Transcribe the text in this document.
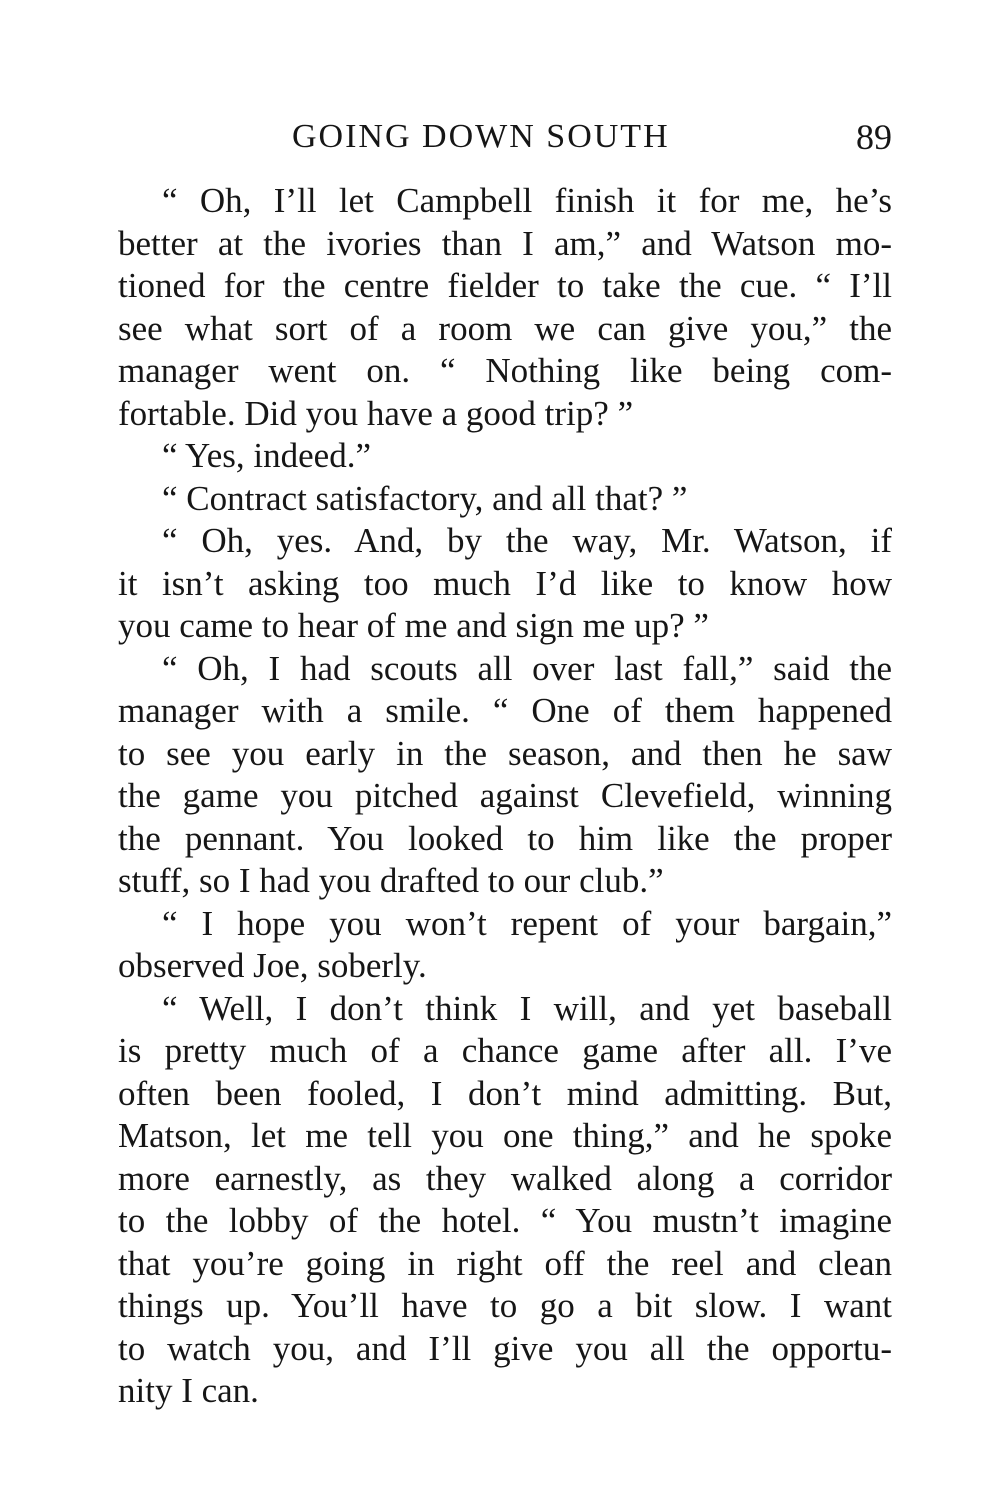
GOING DOWN SOUTH	89
“ Oh, I’ll let Campbell finish it for me, he’s
better at the ivories than I am,” and Watson mo-
tioned for the centre fielder to take the cue. “ I’ll
see what sort of a room we can give you,” the
manager went on. “ Nothing like being com-
fortable. Did you have a good trip? ”
“ Yes, indeed.”
“ Contract satisfactory, and all that? ”
“ Oh, yes. And, by the way, Mr. Watson, if
it isn’t asking too much I’d like to know how
you came to hear of me and sign me up? ”
“ Oh, I had scouts all over last fall,” said the
manager with a smile. “ One of them happened
to see you early in the season, and then he saw
the game you pitched against Clevefield, winning
the pennant. You looked to him like the proper
stuff, so I had you drafted to our club.”
“ I hope you won’t repent of your bargain,”
observed Joe, soberly.
“ Well, I don’t think I will, and yet baseball
is pretty much of a chance game after all. I’ve
often been fooled, I don’t mind admitting. But,
Matson, let me tell you one thing,” and he spoke
more earnestly, as they walked along a corridor
to the lobby of the hotel. “ You mustn’t imagine
that you’re going in right off the reel and clean
things up. You’ll have to go a bit slow. I want
to watch you, and I’ll give you all the opportu-
nity I can.
